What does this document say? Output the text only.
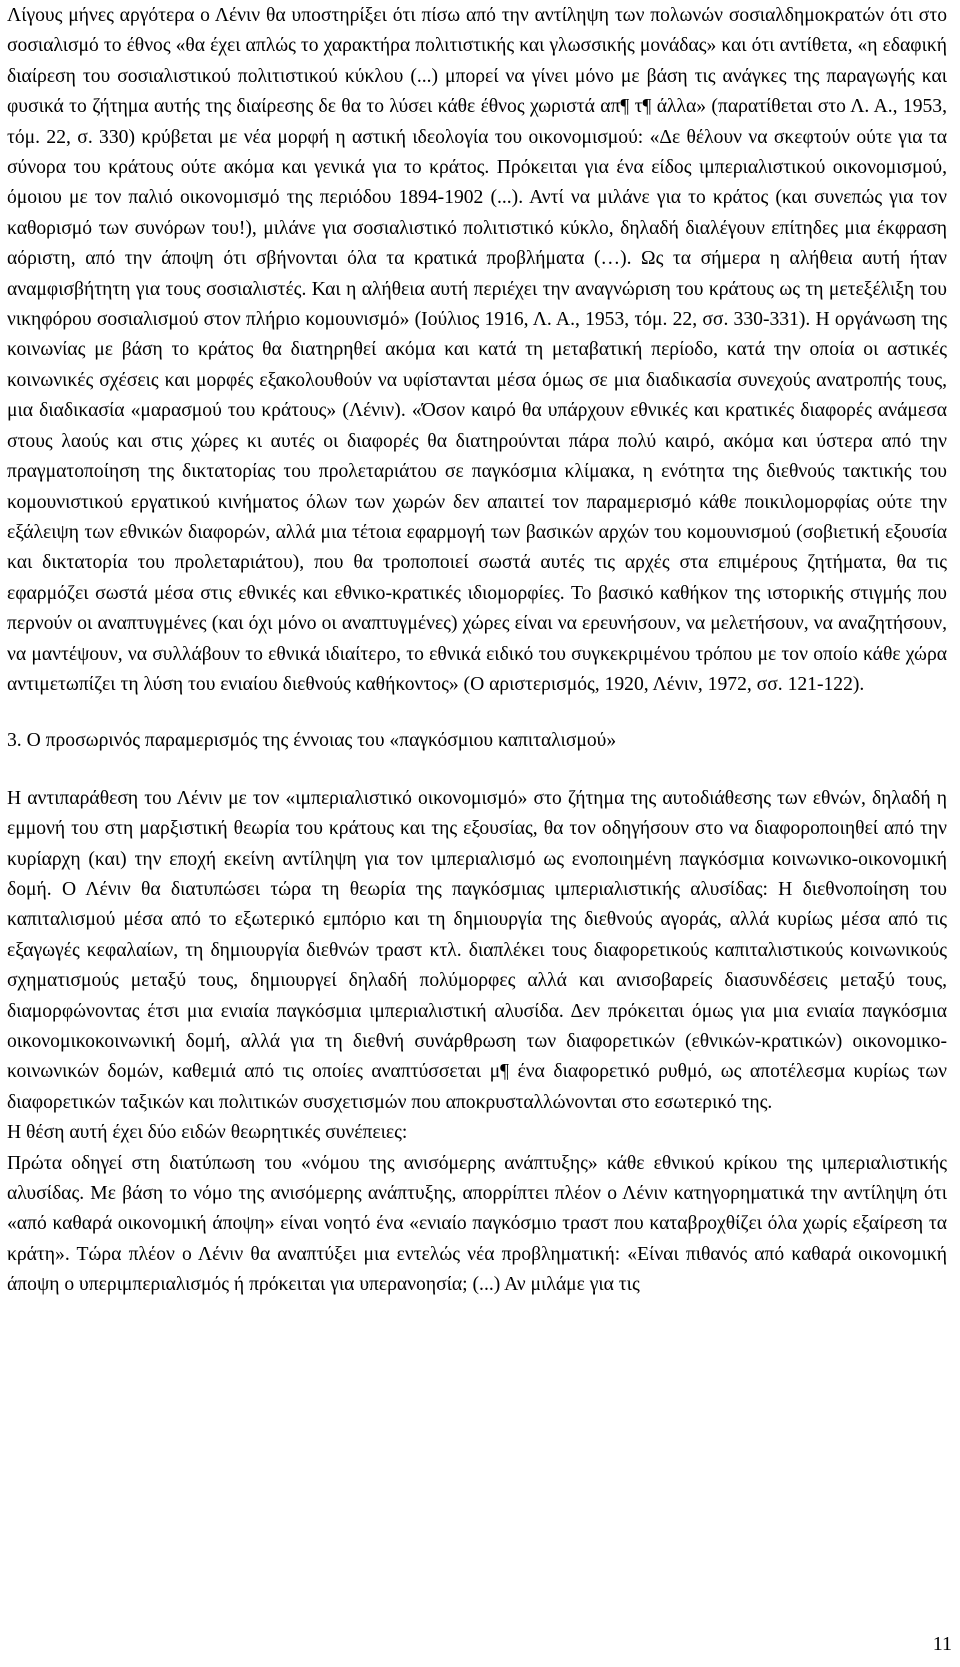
Λίγους μήνες αργότερα ο Λένιν θα υποστηρίξει ότι πίσω από την αντίληψη των πολωνών σοσιαλδημοκρατών ότι στο σοσιαλισμό το έθνος «θα έχει απλώς το χαρακτήρα πολιτιστικής και γλωσσικής μονάδας» και ότι αντίθετα, «η εδαφική διαίρεση του σοσιαλιστικού πολιτιστικού κύκλου (...) μπορεί να γίνει μόνο με βάση τις ανάγκες της παραγωγής και φυσικά το ζήτημα αυτής της διαίρεσης δε θα το λύσει κάθε έθνος χωριστά απ¶ τ¶ άλλα» (παρατίθεται στο Λ. Α., 1953, τόμ. 22, σ. 330) κρύβεται με νέα μορφή η αστική ιδεολογία του οικονομισμού: «Δε θέλουν να σκεφτούν ούτε για τα σύνορα του κράτους ούτε ακόμα και γενικά για το κράτος. Πρόκειται για ένα είδος ιμπεριαλιστικού οικονομισμού, όμοιου με τον παλιό οικονομισμό της περιόδου 1894-1902 (...). Αντί να μιλάνε για το κράτος (και συνεπώς για τον καθορισμό των συνόρων του!), μιλάνε για σοσιαλιστικό πολιτιστικό κύκλο, δηλαδή διαλέγουν επίτηδες μια έκφραση αόριστη, από την άποψη ότι σβήνονται όλα τα κρατικά προβλήματα (…). Ως τα σήμερα η αλήθεια αυτή ήταν αναμφισβήτητη για τους σοσιαλιστές. Και η αλήθεια αυτή περιέχει την αναγνώριση του κράτους ως τη μετεξέλιξη του νικηφόρου σοσιαλισμού στον πλήριο κομουνισμό» (Ιούλιος 1916, Λ. Α., 1953, τόμ. 22, σσ. 330-331). Η οργάνωση της κοινωνίας με βάση το κράτος θα διατηρηθεί ακόμα και κατά τη μεταβατική περίοδο, κατά την οποία οι αστικές κοινωνικές σχέσεις και μορφές εξακολουθούν να υφίστανται μέσα όμως σε μια διαδικασία συνεχούς ανατροπής τους, μια διαδικασία «μαρασμού του κράτους» (Λένιν). «Όσον καιρό θα υπάρχουν εθνικές και κρατικές διαφορές ανάμεσα στους λαούς και στις χώρες κι αυτές οι διαφορές θα διατηρούνται πάρα πολύ καιρό, ακόμα και ύστερα από την πραγματοποίηση της δικτατορίας του προλεταριάτου σε παγκόσμια κλίμακα, η ενότητα της διεθνούς τακτικής του κομουνιστικού εργατικού κινήματος όλων των χωρών δεν απαιτεί τον παραμερισμό κάθε ποικιλομορφίας ούτε την εξάλειψη των εθνικών διαφορών, αλλά μια τέτοια εφαρμογή των βασικών αρχών του κομουνισμού (σοβιετική εξουσία και δικτατορία του προλεταριάτου), που θα τροποποιεί σωστά αυτές τις αρχές στα επιμέρους ζητήματα, θα τις εφαρμόζει σωστά μέσα στις εθνικές και εθνικο-κρατικές ιδιομορφίες. Το βασικό καθήκον της ιστορικής στιγμής που περνούν οι αναπτυγμένες (και όχι μόνο οι αναπτυγμένες) χώρες είναι να ερευνήσουν, να μελετήσουν, να αναζητήσουν, να μαντέψουν, να συλλάβουν το εθνικά ιδιαίτερο, το εθνικά ειδικό του συγκεκριμένου τρόπου με τον οποίο κάθε χώρα αντιμετωπίζει τη λύση του ενιαίου διεθνούς καθήκοντος» (Ο αριστερισμός, 1920, Λένιν, 1972, σσ. 121-122).

3. Ο προσωρινός παραμερισμός της έννοιας του «παγκόσμιου καπιταλισμού»

Η αντιπαράθεση του Λένιν με τον «ιμπεριαλιστικό οικονομισμό» στο ζήτημα της αυτοδιάθεσης των εθνών, δηλαδή η εμμονή του στη μαρξιστική θεωρία του κράτους και της εξουσίας, θα τον οδηγήσουν στο να διαφοροποιηθεί από την κυρίαρχη (και) την εποχή εκείνη αντίληψη για τον ιμπεριαλισμό ως ενοποιημένη παγκόσμια κοινωνικο-οικονομική δομή. Ο Λένιν θα διατυπώσει τώρα τη θεωρία της παγκόσμιας ιμπεριαλιστικής αλυσίδας: Η διεθνοποίηση του καπιταλισμού μέσα από το εξωτερικό εμπόριο και τη δημιουργία της διεθνούς αγοράς, αλλά κυρίως μέσα από τις εξαγωγές κεφαλαίων, τη δημιουργία διεθνών τραστ κτλ. διαπλέκει τους διαφορετικούς καπιταλιστικούς κοινωνικούς σχηματισμούς μεταξύ τους, δημιουργεί δηλαδή πολύμορφες αλλά και ανισοβαρείς διασυνδέσεις μεταξύ τους, διαμορφώνοντας έτσι μια ενιαία παγκόσμια ιμπεριαλιστική αλυσίδα. Δεν πρόκειται όμως για μια ενιαία παγκόσμια οικονομικοκοινωνική δομή, αλλά για τη διεθνή συνάρθρωση των διαφορετικών (εθνικών-κρατικών) οικονομικο-κοινωνικών δομών, καθεμιά από τις οποίες αναπτύσσεται μ¶ ένα διαφορετικό ρυθμό, ως αποτέλεσμα κυρίως των διαφορετικών ταξικών και πολιτικών συσχετισμών που αποκρυσταλλώνονται στο εσωτερικό της.

Η θέση αυτή έχει δύο ειδών θεωρητικές συνέπειες:

Πρώτα οδηγεί στη διατύπωση του «νόμου της ανισόμερης ανάπτυξης» κάθε εθνικού κρίκου της ιμπεριαλιστικής αλυσίδας. Με βάση το νόμο της ανισόμερης ανάπτυξης, απορρίπτει πλέον ο Λένιν κατηγορηματικά την αντίληψη ότι «από καθαρά οικονομική άποψη» είναι νοητό ένα «ενιαίο παγκόσμιο τραστ που καταβροχθίζει όλα χωρίς εξαίρεση τα κράτη». Τώρα πλέον ο Λένιν θα αναπτύξει μια εντελώς νέα προβληματική: «Είναι πιθανός από καθαρά οικονομική άποψη ο υπεριμπεριαλισμός ή πρόκειται για υπερανοησία; (...) Αν μιλάμε για τις

11
